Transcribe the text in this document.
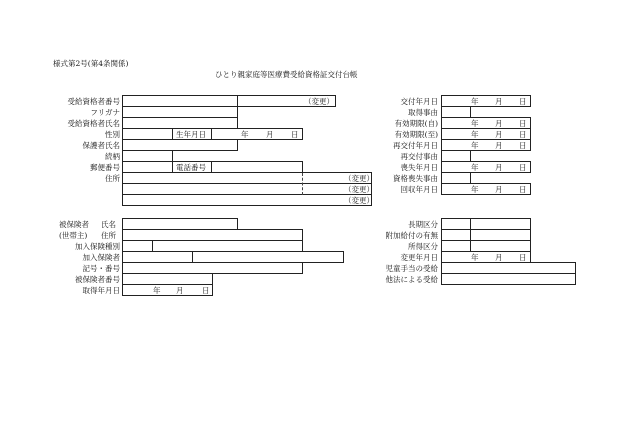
様式第2号(第4条関係)
ひとり親家庭等医療費受給資格証交付台帳
受給資格者番号	（変更）
フリガナ
受給資格者氏名
性別	生年月日	年 月 日
保護者氏名
続柄
郵便番号	電話番号
住所	（変更）
（変更）
（変更）
交付年月日	年 月 日
取得事由
有効期限(自)	年 月 日
有効期限(至)	年 月 日
再交付年月日	年 月 日
再交付事由
喪失年月日	年 月 日
資格喪失事由
回収年月日	年 月 日
被保険者 氏名
(世帯主) 住所
加入保険種別
加入保険者
記号・番号
被保険者番号
取得年月日	年 月 日
長期区分
附加給付の有無
所得区分
変更年月日	年 月 日
児童手当の受給
他法による受給
